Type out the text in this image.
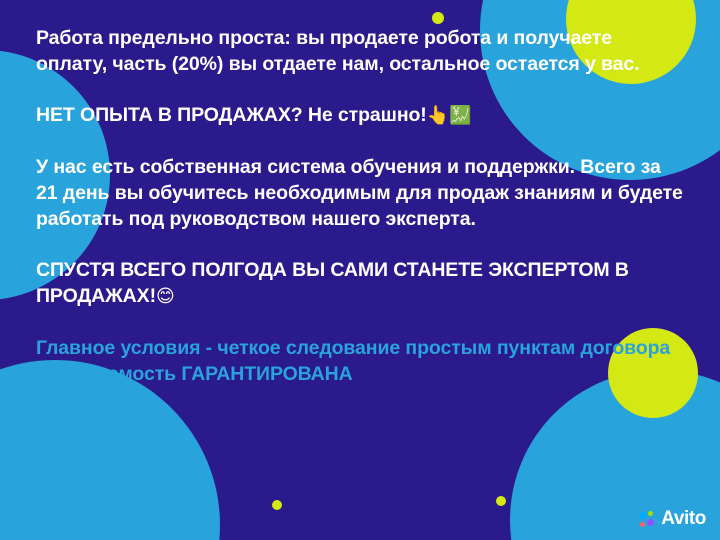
Работа предельно проста: вы продаете робота и получаете оплату, часть (20%) вы отдаете нам, остальное остается у вас.

НЕТ ОПЫТА В ПРОДАЖАХ? Не страшно!👆💹

У нас есть собственная система обучения и поддержки. Всего за 21 день вы обучитесь необходимым для продаж знаниям и будете работать под руководством нашего эксперта.

СПУСТЯ ВСЕГО ПОЛГОДА ВЫ САМИ СТАНЕТЕ ЭКСПЕРТОМ В ПРОДАЖАХ!😊

Главное условия - четкое следование простым пунктам договора и окупаемость ГАРАНТИРОВАНА

Avito
